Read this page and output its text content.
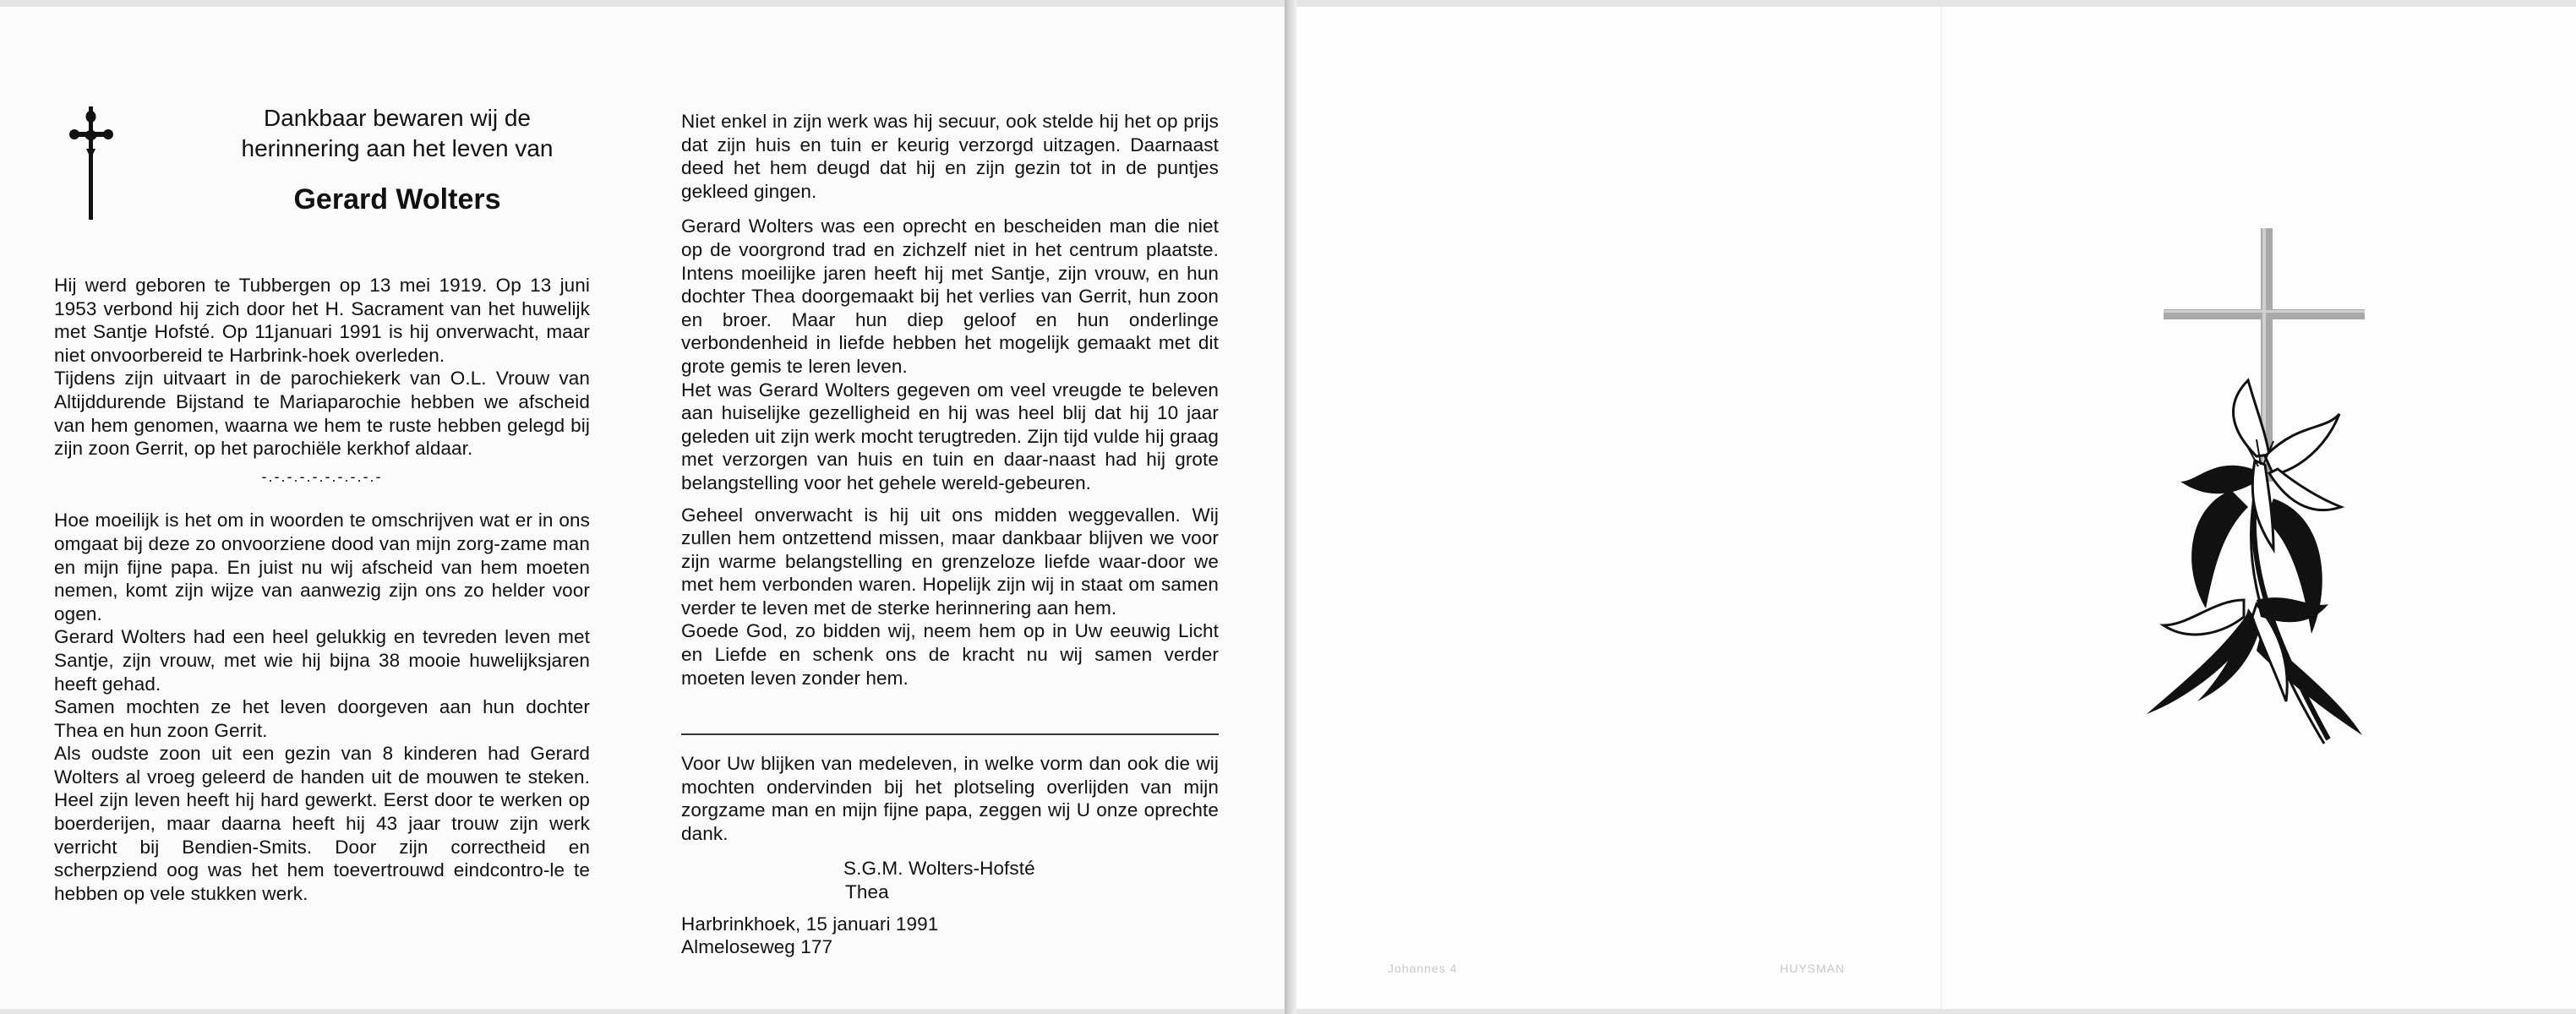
Dankbaar bewaren wij de
herinnering aan het leven van
Gerard Wolters

Hij werd geboren te Tubbergen op 13 mei 1919. Op 13 juni 1953 verbond hij zich door het H. Sacrament van het huwelijk met Santje Hofsté. Op 11januari 1991 is hij onverwacht, maar niet onvoorbereid te Harbrink-hoek overleden.

Tijdens zijn uitvaart in de parochiekerk van O.L. Vrouw van Altijddurende Bijstand te Mariaparochie hebben we afscheid van hem genomen, waarna we hem te ruste hebben gelegd bij zijn zoon Gerrit, op het parochiële kerkhof aldaar.

-.-.-.-.-.-.-.-.-.-

Hoe moeilijk is het om in woorden te omschrijven wat er in ons omgaat bij deze zo onvoorziene dood van mijn zorg-zame man en mijn fijne papa. En juist nu wij afscheid van hem moeten nemen, komt zijn wijze van aanwezig zijn ons zo helder voor ogen.

Gerard Wolters had een heel gelukkig en tevreden leven met Santje, zijn vrouw, met wie hij bijna 38 mooie huwelijksjaren heeft gehad.

Samen mochten ze het leven doorgeven aan hun dochter Thea en hun zoon Gerrit.

Als oudste zoon uit een gezin van 8 kinderen had Gerard Wolters al vroeg geleerd de handen uit de mouwen te steken. Heel zijn leven heeft hij hard gewerkt. Eerst door te werken op boerderijen, maar daarna heeft hij 43 jaar trouw zijn werk verricht bij Bendien-Smits. Door zijn correctheid en scherpziend oog was het hem toevertrouwd eindcontro-le te hebben op vele stukken werk.

Niet enkel in zijn werk was hij secuur, ook stelde hij het op prijs dat zijn huis en tuin er keurig verzorgd uitzagen. Daarnaast deed het hem deugd dat hij en zijn gezin tot in de puntjes gekleed gingen.

Gerard Wolters was een oprecht en bescheiden man die niet op de voorgrond trad en zichzelf niet in het centrum plaatste. Intens moeilijke jaren heeft hij met Santje, zijn vrouw, en hun dochter Thea doorgemaakt bij het verlies van Gerrit, hun zoon en broer. Maar hun diep geloof en hun onderlinge verbondenheid in liefde hebben het mogelijk gemaakt met dit grote gemis te leren leven.

Het was Gerard Wolters gegeven om veel vreugde te beleven aan huiselijke gezelligheid en hij was heel blij dat hij 10 jaar geleden uit zijn werk mocht terugtreden. Zijn tijd vulde hij graag met verzorgen van huis en tuin en daar-naast had hij grote belangstelling voor het gehele wereld-gebeuren.

Geheel onverwacht is hij uit ons midden weggevallen. Wij zullen hem ontzettend missen, maar dankbaar blijven we voor zijn warme belangstelling en grenzeloze liefde waar-door we met hem verbonden waren. Hopelijk zijn wij in staat om samen verder te leven met de sterke herinnering aan hem.

Goede God, zo bidden wij, neem hem op in Uw eeuwig Licht en Liefde en schenk ons de kracht nu wij samen verder moeten leven zonder hem.

Voor Uw blijken van medeleven, in welke vorm dan ook die wij mochten ondervinden bij het plotseling overlijden van mijn zorgzame man en mijn fijne papa, zeggen wij U onze oprechte dank.

S.G.M. Wolters-Hofsté
Thea
Harbrinkhoek, 15 januari 1991
Almeloseweg 177
Johannes 4	HUYSMAN
